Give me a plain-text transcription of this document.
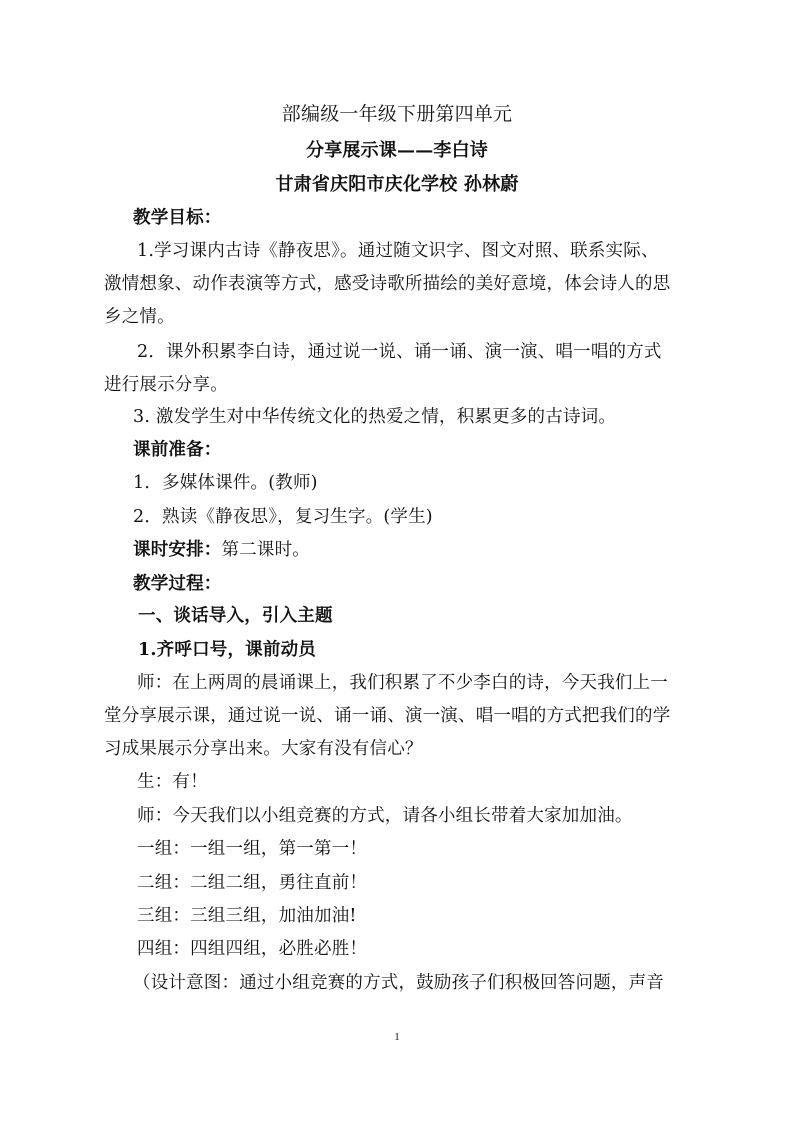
部编级一年级下册第四单元
分享展示课——李白诗
甘肃省庆阳市庆化学校 孙林蔚
教学目标：
1.学习课内古诗《静夜思》。通过随文识字、图文对照、联系实际、
激情想象、动作表演等方式，感受诗歌所描绘的美好意境，体会诗人的思
乡之情。
2．课外积累李白诗，通过说一说、诵一诵、演一演、唱一唱的方式
进行展示分享。
3. 激发学生对中华传统文化的热爱之情，积累更多的古诗词。
课前准备：
1．多媒体课件。(教师)
2．熟读《静夜思》，复习生字。(学生)
课时安排：第二课时。
教学过程：
一、谈话导入，引入主题
1.齐呼口号，课前动员
师：在上两周的晨诵课上，我们积累了不少李白的诗，今天我们上一
堂分享展示课，通过说一说、诵一诵、演一演、唱一唱的方式把我们的学
习成果展示分享出来。大家有没有信心？
生：有！
师：今天我们以小组竞赛的方式，请各小组长带着大家加加油。
一组：一组一组，第一第一！
二组：二组二组，勇往直前！
三组：三组三组，加油加油!
四组：四组四组，必胜必胜！
（设计意图：通过小组竞赛的方式，鼓励孩子们积极回答问题，声音
1
